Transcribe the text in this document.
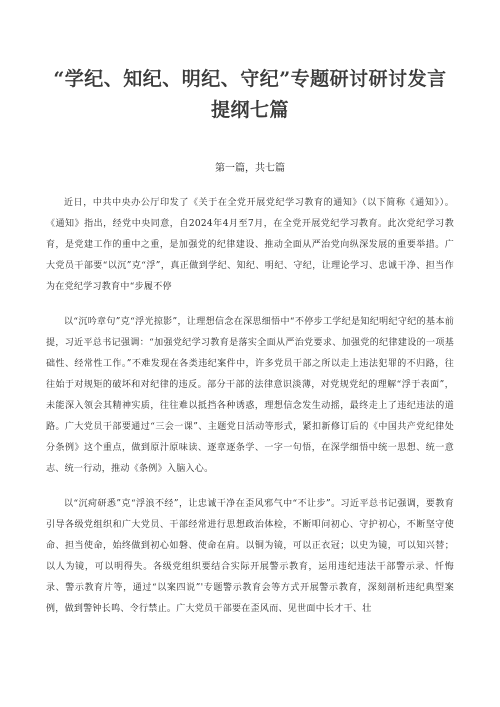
“学纪、知纪、明纪、守纪”专题研讨研讨发言提纲七篇

第一篇，共七篇

近日，中共中央办公厅印发了《关于在全党开展党纪学习教育的通知》（以下简称《通知》）。《通知》指出，经党中央同意，自2024年4月至7月，在全党开展党纪学习教育。此次党纪学习教育，是党建工作的重中之重，是加强党的纪律建设、推动全面从严治党向纵深发展的重要举措。广大党员干部要“以沉”克“浮”，真正做到学纪、知纪、明纪、守纪，让理论学习、忠诚干净、担当作为在党纪学习教育中“步履不停

以“沉吟章句”克“浮光掠影”，让理想信念在深思细悟中“不停步工学纪是知纪明纪守纪的基本前提，习近平总书记强调：“加强党纪学习教育是落实全面从严治党要求、加强党的纪律建设的一项基础性、经常性工作。”不难发现在各类违纪案件中，许多党员干部之所以走上违法犯罪的不归路，往往始于对规矩的破坏和对纪律的违反。部分干部的法律意识淡薄，对党规党纪的理解“浮于表面”，未能深入领会其精神实质，往往难以抵挡各种诱惑，理想信念发生动摇，最终走上了违纪违法的道路。广大党员干部要通过“三会一课”、主题党日活动等形式，紧扣新修订后的《中国共产党纪律处分条例》这个重点，做到原汁原味读、逐章逐条学、一字一句悟，在深学细悟中统一思想、统一意志、统一行动，推动《条例》入脑入心。

以“沉疴研悉”克“浮浪不经”，让忠诚干净在歪风邪气中“不让步”。习近平总书记强调，要教育引导各级党组织和广大党员、干部经常进行思想政治体检，不断叩问初心、守护初心，不断坚守使命、担当使命，始终做到初心如磐、使命在肩。以铜为镜，可以正衣冠；以史为镜，可以知兴替；以人为镜，可以明得失。各级党组织要结合实际开展警示教育，运用违纪违法干部警示录、忏悔录、警示教育片等，通过“以案四说”'专题警示教育会等方式开展警示教育，深刻剖析违纪典型案例，做到警钟长鸣、令行禁止。广大党员干部要在歪风而、见世面中长才干、壮
